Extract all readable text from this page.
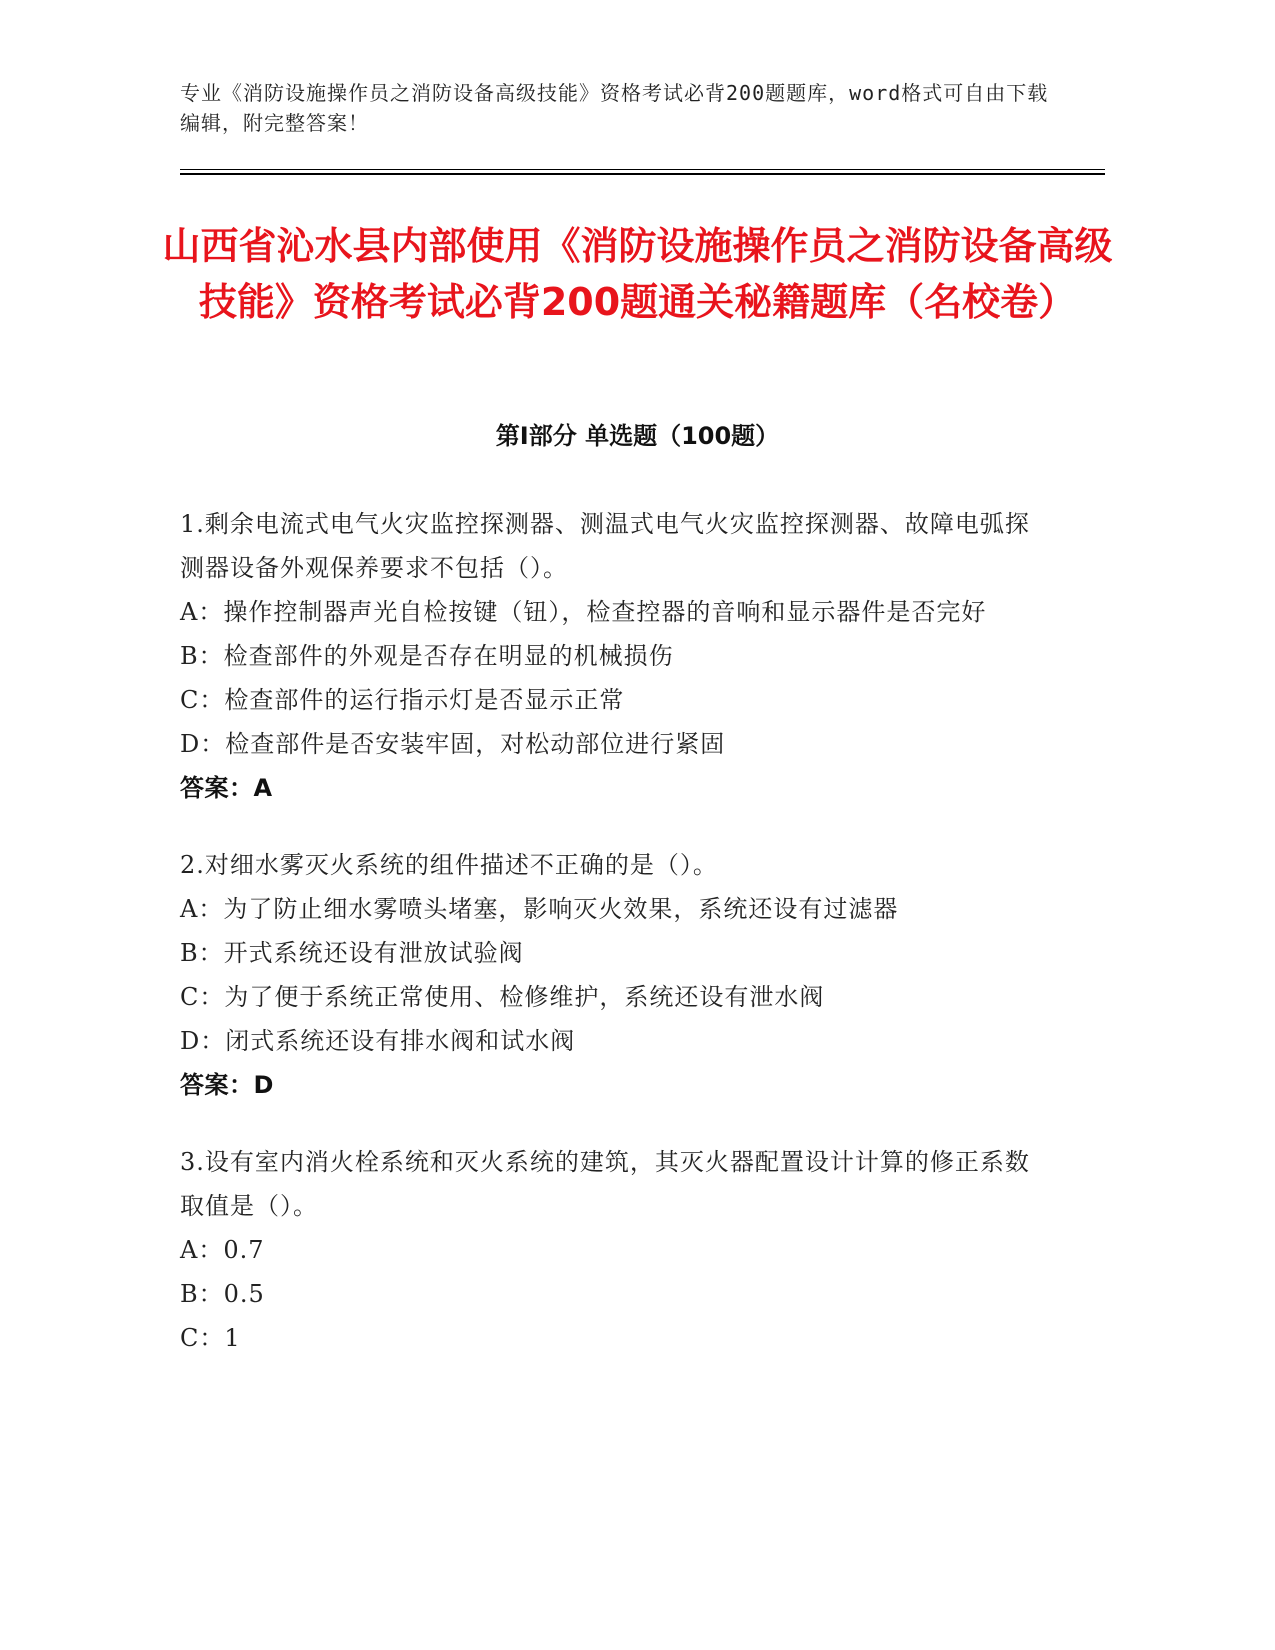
专业《消防设施操作员之消防设备高级技能》资格考试必背200题题库，word格式可自由下载编辑，附完整答案！
山西省沁水县内部使用《消防设施操作员之消防设备高级技能》资格考试必背200题通关秘籍题库（名校卷）
第Ⅰ部分 单选题（100题）

1.剩余电流式电气火灾监控探测器、测温式电气火灾监控探测器、故障电弧探测器设备外观保养要求不包括（）。

A：操作控制器声光自检按键（钮），检查控器的音响和显示器件是否完好

B：检查部件的外观是否存在明显的机械损伤

C：检查部件的运行指示灯是否显示正常

D：检查部件是否安装牢固，对松动部位进行紧固

答案：A

2.对细水雾灭火系统的组件描述不正确的是（）。

A：为了防止细水雾喷头堵塞，影响灭火效果，系统还设有过滤器

B：开式系统还设有泄放试验阀

C：为了便于系统正常使用、检修维护，系统还设有泄水阀

D：闭式系统还设有排水阀和试水阀

答案：D

3.设有室内消火栓系统和灭火系统的建筑，其灭火器配置设计计算的修正系数取值是（）。

A：0.7

B：0.5

C：1
